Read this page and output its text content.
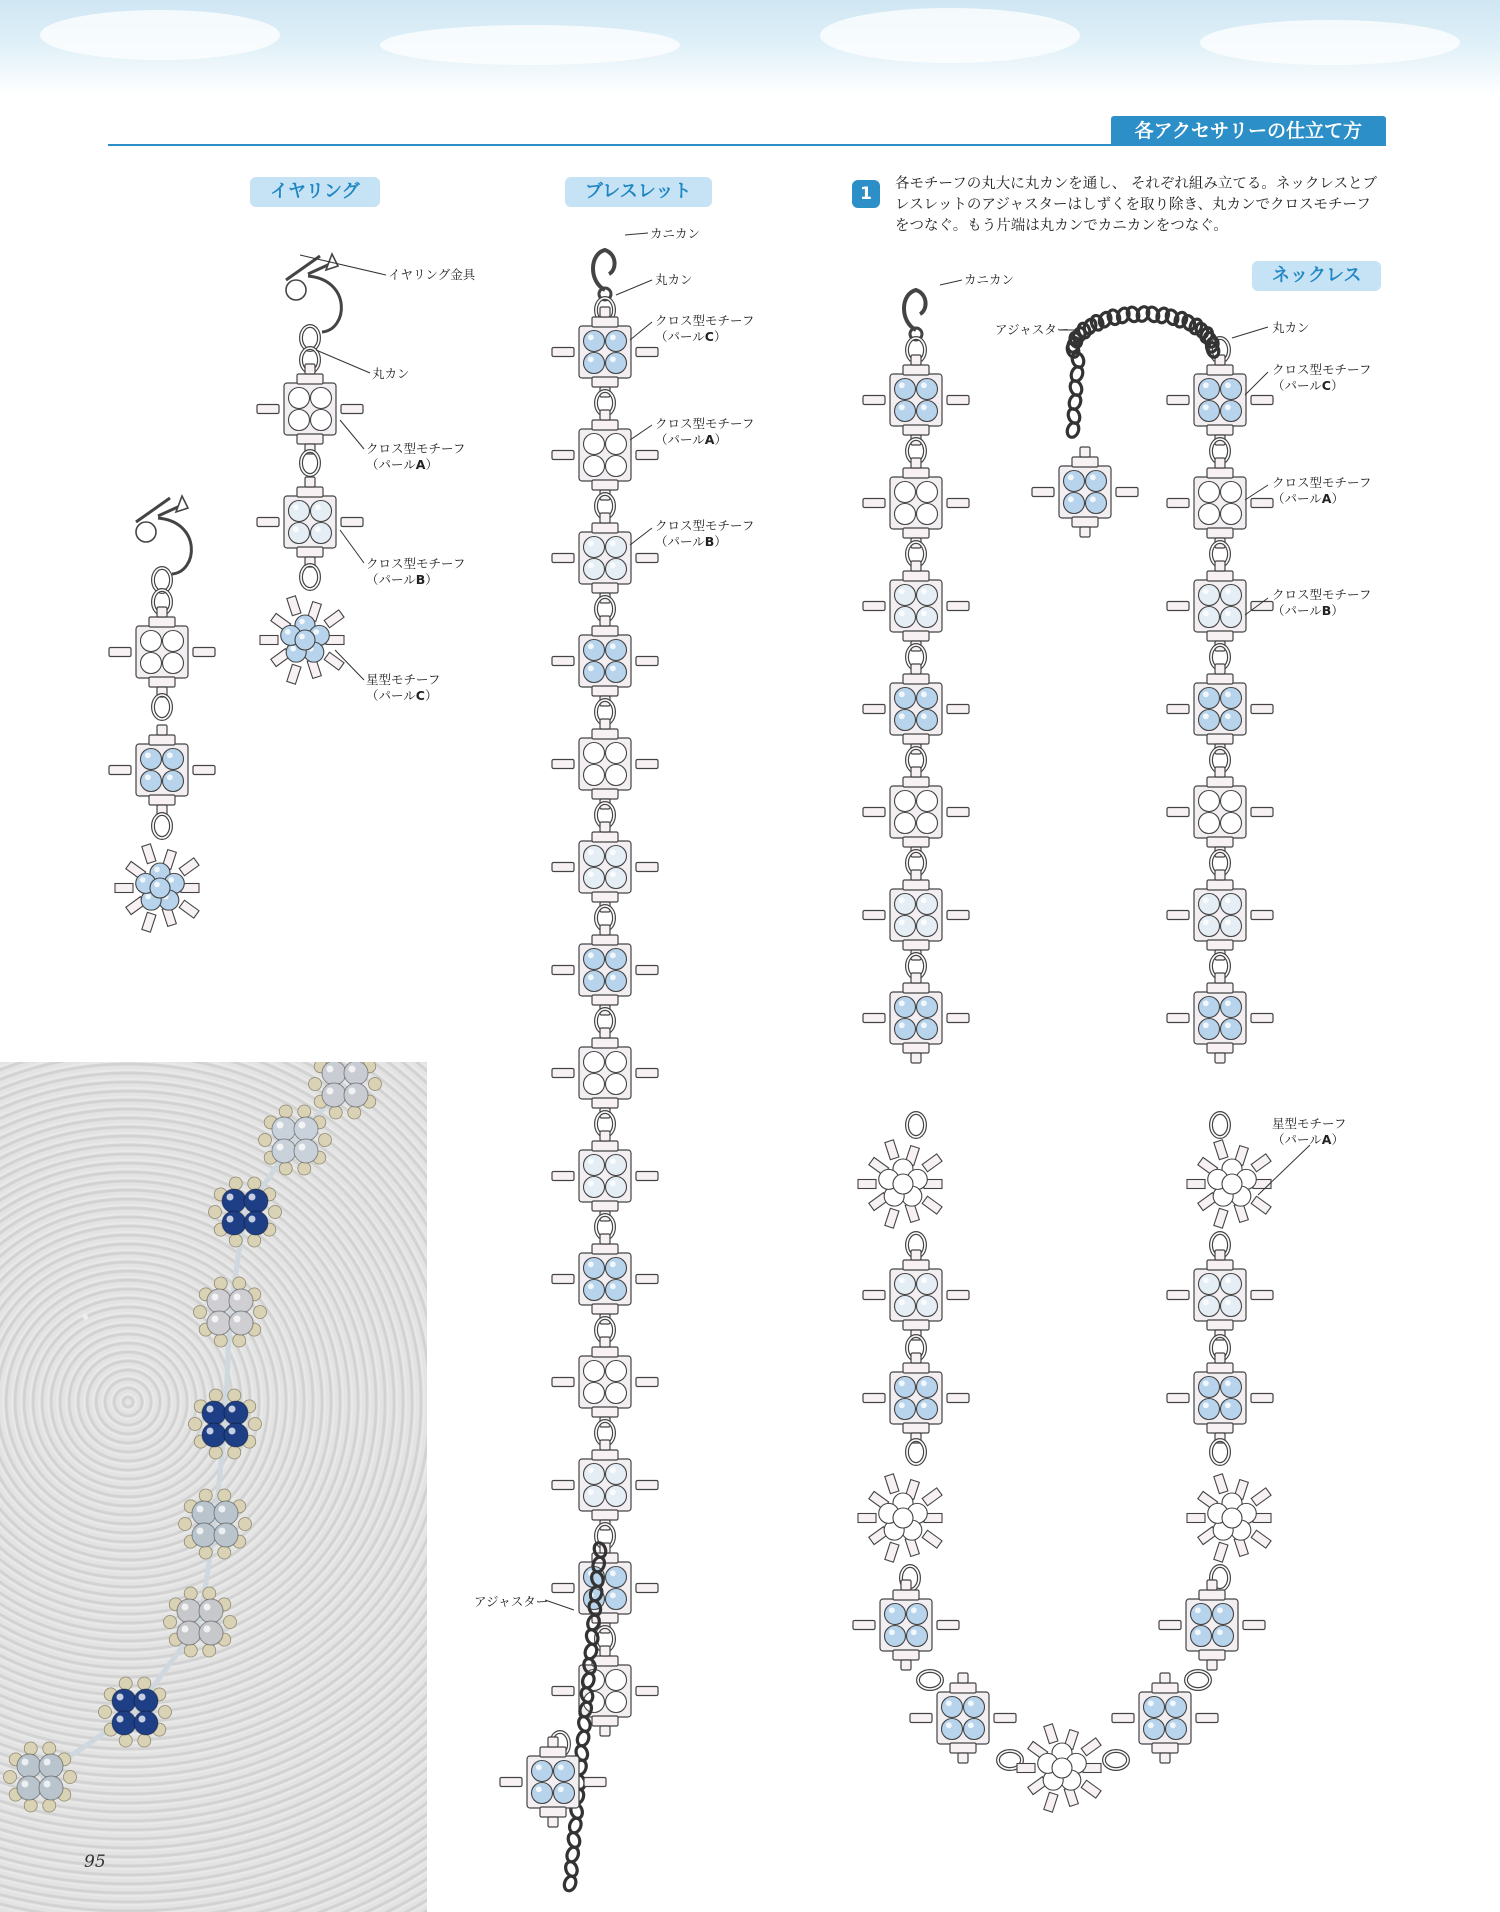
各アクセサリーの仕立て方
イヤリング	ブレスレット
ネックレス
1	各モチーフの丸大に丸カンを通し、 それぞれ組み立てる。ネックレスとブレスレットのアジャスターはしずくを取り除き、丸カンでクロスモチーフをつなぐ。もう片端は丸カンでカニカンをつなぐ。
イヤリング金具
丸カン
クロス型モチーフ
（パールA）
クロス型モチーフ
（パールB）
星型モチーフ
（パールC）
カニカン
丸カン
クロス型モチーフ
（パールC）
クロス型モチーフ
（パールA）
クロス型モチーフ
（パールB）
アジャスター
カニカン
アジャスター	丸カン
クロス型モチーフ
（パールC）
クロス型モチーフ
（パールA）
クロス型モチーフ
（パールB）
星型モチーフ
（パールA）
95
